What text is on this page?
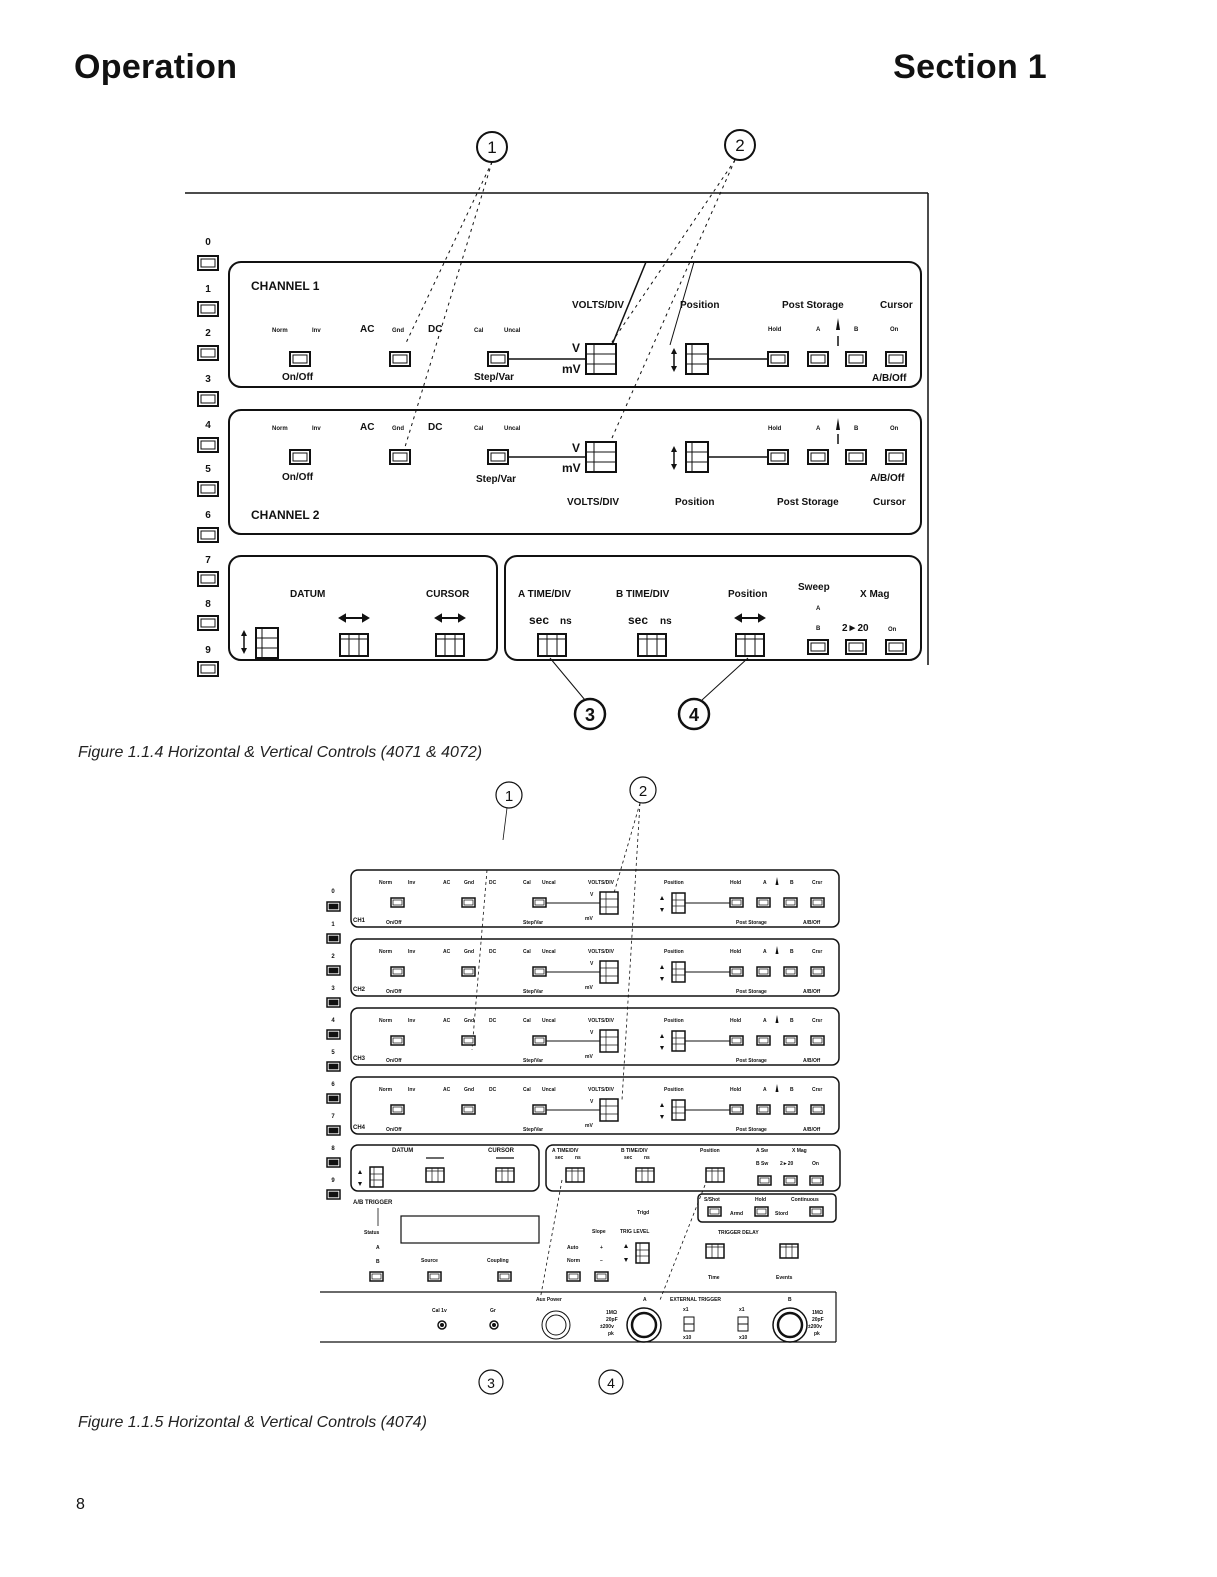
Operation	Section 1
1	2
3	4
0
1
2
3
4
5
6
7
8
9
CHANNEL 1
Norm	Inv	AC	Gnd DC	Cal	Uncal
VOLTS/DIV	Position	Post Storage	Cursor
Hold	A	B	On
V
mV
On/Off	Step/Var	A/B/Off
Norm	Inv	AC	Gnd DC	Cal	Uncal	Hold	A	B	On
V
mV
On/Off	Step/Var	A/B/Off
VOLTS/DIV	Position	Post Storage	Cursor
CHANNEL 2
DATUM	CURSOR	A TIME/DIV	B TIME/DIV	Position
Sweep
X Mag
A
B 2►20	On
sec ns	sec ns
Figure 1.1.4 Horizontal & Vertical Controls (4071 & 4072)
1	2
3	4
0
1
2
3
4
5
6
7
8
9
Norm	Inv	AC	Gnd	DC	Cal Uncal	VOLTS/DIV	Position	Hold	A	B	Crsr
V
mV
On/Off	Step/Var	Post Storage	A/B/Off
CH1
Norm	Inv	AC	Gnd	DC	Cal Uncal	VOLTS/DIV	Position	Hold	A	B	Crsr
V
mV
On/Off	Step/Var	Post Storage	A/B/Off
CH2
Norm	Inv	AC	Gnd	DC	Cal Uncal	VOLTS/DIV	Position	Hold	A	B	Crsr
V
mV
On/Off	Step/Var	Post Storage	A/B/Off
CH3
Norm	Inv	AC	Gnd	DC	Cal Uncal	VOLTS/DIV	Position	Hold	A	B	Crsr
V
mV
On/Off	Step/Var	Post Storage	A/B/Off
CH4
DATUM	CURSOR	A TIME/DIV	B TIME/DIV	Position	A Sw	X Mag
sec ns	sec ns
B Sw 2►20	On
A/B TRIGGER
Status
A
B	Source	Coupling
Trigd
Slope	TRIG LEVEL
Auto
Norm
+
−
S/Shot	Hold	Continuous
Armd	Stord
TRIGGER DELAY
Time	Events
Cal 1v	Gr
Aux Power	A	EXTERNAL TRIGGER	B
1MΩ
20pF
±200v
pk
1MΩ
20pF
±200v
pk
x1	x1
x10	x10
Figure 1.1.5 Horizontal & Vertical Controls (4074)
8
